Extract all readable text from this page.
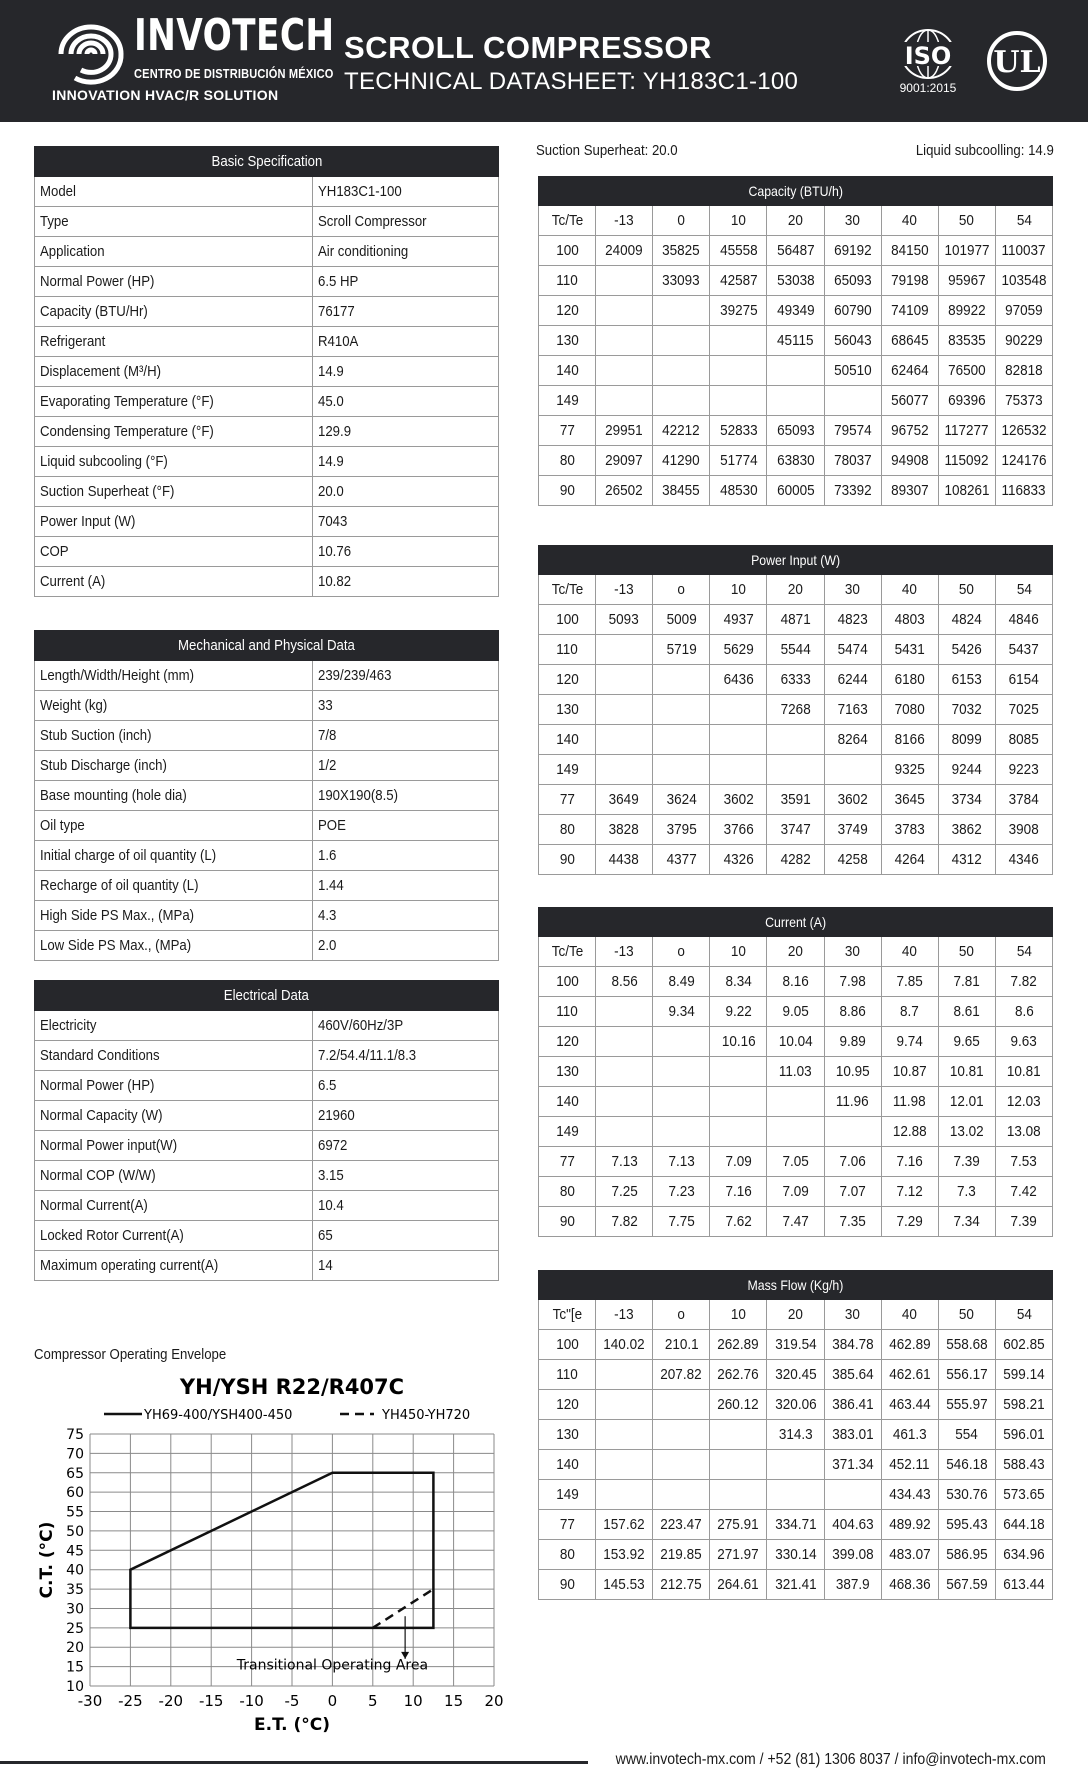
INVOTECH
CENTRO DE DISTRIBUCIÓN MÉXICO
INNOVATION HVAC/R SOLUTION
SCROLL COMPRESSOR
TECHNICAL DATASHEET: YH183C1-100
ISO
9001:2015
UL
Basic Specification	
Model	YH183C1-100
Type	Scroll Compressor
Application	Air conditioning
Normal Power (HP)	6.5 HP
Capacity (BTU/Hr)	76177
Refrigerant	R410A
Displacement (M³/H)	14.9
Evaporating Temperature (°F)	45.0
Condensing Temperature (°F)	129.9
Liquid subcooling (°F)	14.9
Suction Superheat (°F)	20.0
Power Input (W)	7043
COP	10.76
Current (A)	10.82
Mechanical and Physical Data	
Length/Width/Height (mm)	239/239/463
Weight (kg)	33
Stub Suction (inch)	7/8
Stub Discharge (inch)	1/2
Base mounting (hole dia)	190X190(8.5)
Oil type	POE
Initial charge of oil quantity (L)	1.6
Recharge of oil quantity (L)	1.44
High Side PS Max., (MPa)	4.3
Low Side PS Max., (MPa)	2.0
Electrical Data	
Electricity	460V/60Hz/3P
Standard Conditions	7.2/54.4/11.1/8.3
Normal Power (HP)	6.5
Normal Capacity (W)	21960
Normal Power input(W)	6972
Normal COP (W/W)	3.15
Normal Current(A)	10.4
Locked Rotor Current(A)	65
Maximum operating current(A)	14
Suction Superheat: 20.0	Liquid subcoolling: 14.9
Capacity (BTU/h)								
Tc/Te	-13	0	10	20	30	40	50	54
100	24009	35825	45558	56487	69192	84150	101977	110037
110		33093	42587	53038	65093	79198	95967	103548
120			39275	49349	60790	74109	89922	97059
130				45115	56043	68645	83535	90229
140					50510	62464	76500	82818
149						56077	69396	75373
77	29951	42212	52833	65093	79574	96752	117277	126532
80	29097	41290	51774	63830	78037	94908	115092	124176
90	26502	38455	48530	60005	73392	89307	108261	116833
Power Input (W)								
Tc/Te	-13	o	10	20	30	40	50	54
100	5093	5009	4937	4871	4823	4803	4824	4846
110		5719	5629	5544	5474	5431	5426	5437
120			6436	6333	6244	6180	6153	6154
130				7268	7163	7080	7032	7025
140					8264	8166	8099	8085
149						9325	9244	9223
77	3649	3624	3602	3591	3602	3645	3734	3784
80	3828	3795	3766	3747	3749	3783	3862	3908
90	4438	4377	4326	4282	4258	4264	4312	4346
Current (A)								
Tc/Te	-13	o	10	20	30	40	50	54
100	8.56	8.49	8.34	8.16	7.98	7.85	7.81	7.82
110		9.34	9.22	9.05	8.86	8.7	8.61	8.6
120			10.16	10.04	9.89	9.74	9.65	9.63
130				11.03	10.95	10.87	10.81	10.81
140					11.96	11.98	12.01	12.03
149						12.88	13.02	13.08
77	7.13	7.13	7.09	7.05	7.06	7.16	7.39	7.53
80	7.25	7.23	7.16	7.09	7.07	7.12	7.3	7.42
90	7.82	7.75	7.62	7.47	7.35	7.29	7.34	7.39
Mass Flow (Kg/h)								
Tc"[e	-13	o	10	20	30	40	50	54
100	140.02	210.1	262.89	319.54	384.78	462.89	558.68	602.85
110		207.82	262.76	320.45	385.64	462.61	556.17	599.14
120			260.12	320.06	386.41	463.44	555.97	598.21
130				314.3	383.01	461.3	554	596.01
140					371.34	452.11	546.18	588.43
149						434.43	530.76	573.65
77	157.62	223.47	275.91	334.71	404.63	489.92	595.43	644.18
80	153.92	219.85	271.97	330.14	399.08	483.07	586.95	634.96
90	145.53	212.75	264.61	321.41	387.9	468.36	567.59	613.44
Compressor Operating Envelope
-30 -25 -20 -15 -10 -5 0 5 10 15 20
75
70
65
60
55
50
45
40
35
30
25
20
15
10
YH/YSH R22/R407C
YH69-400/YSH400-450	YH450-YH720
Transitional Operating Area
E.T. (°C)
C.T. (°C)
www.invotech-mx.com / +52 (81) 1306 8037 / info@invotech-mx.com
